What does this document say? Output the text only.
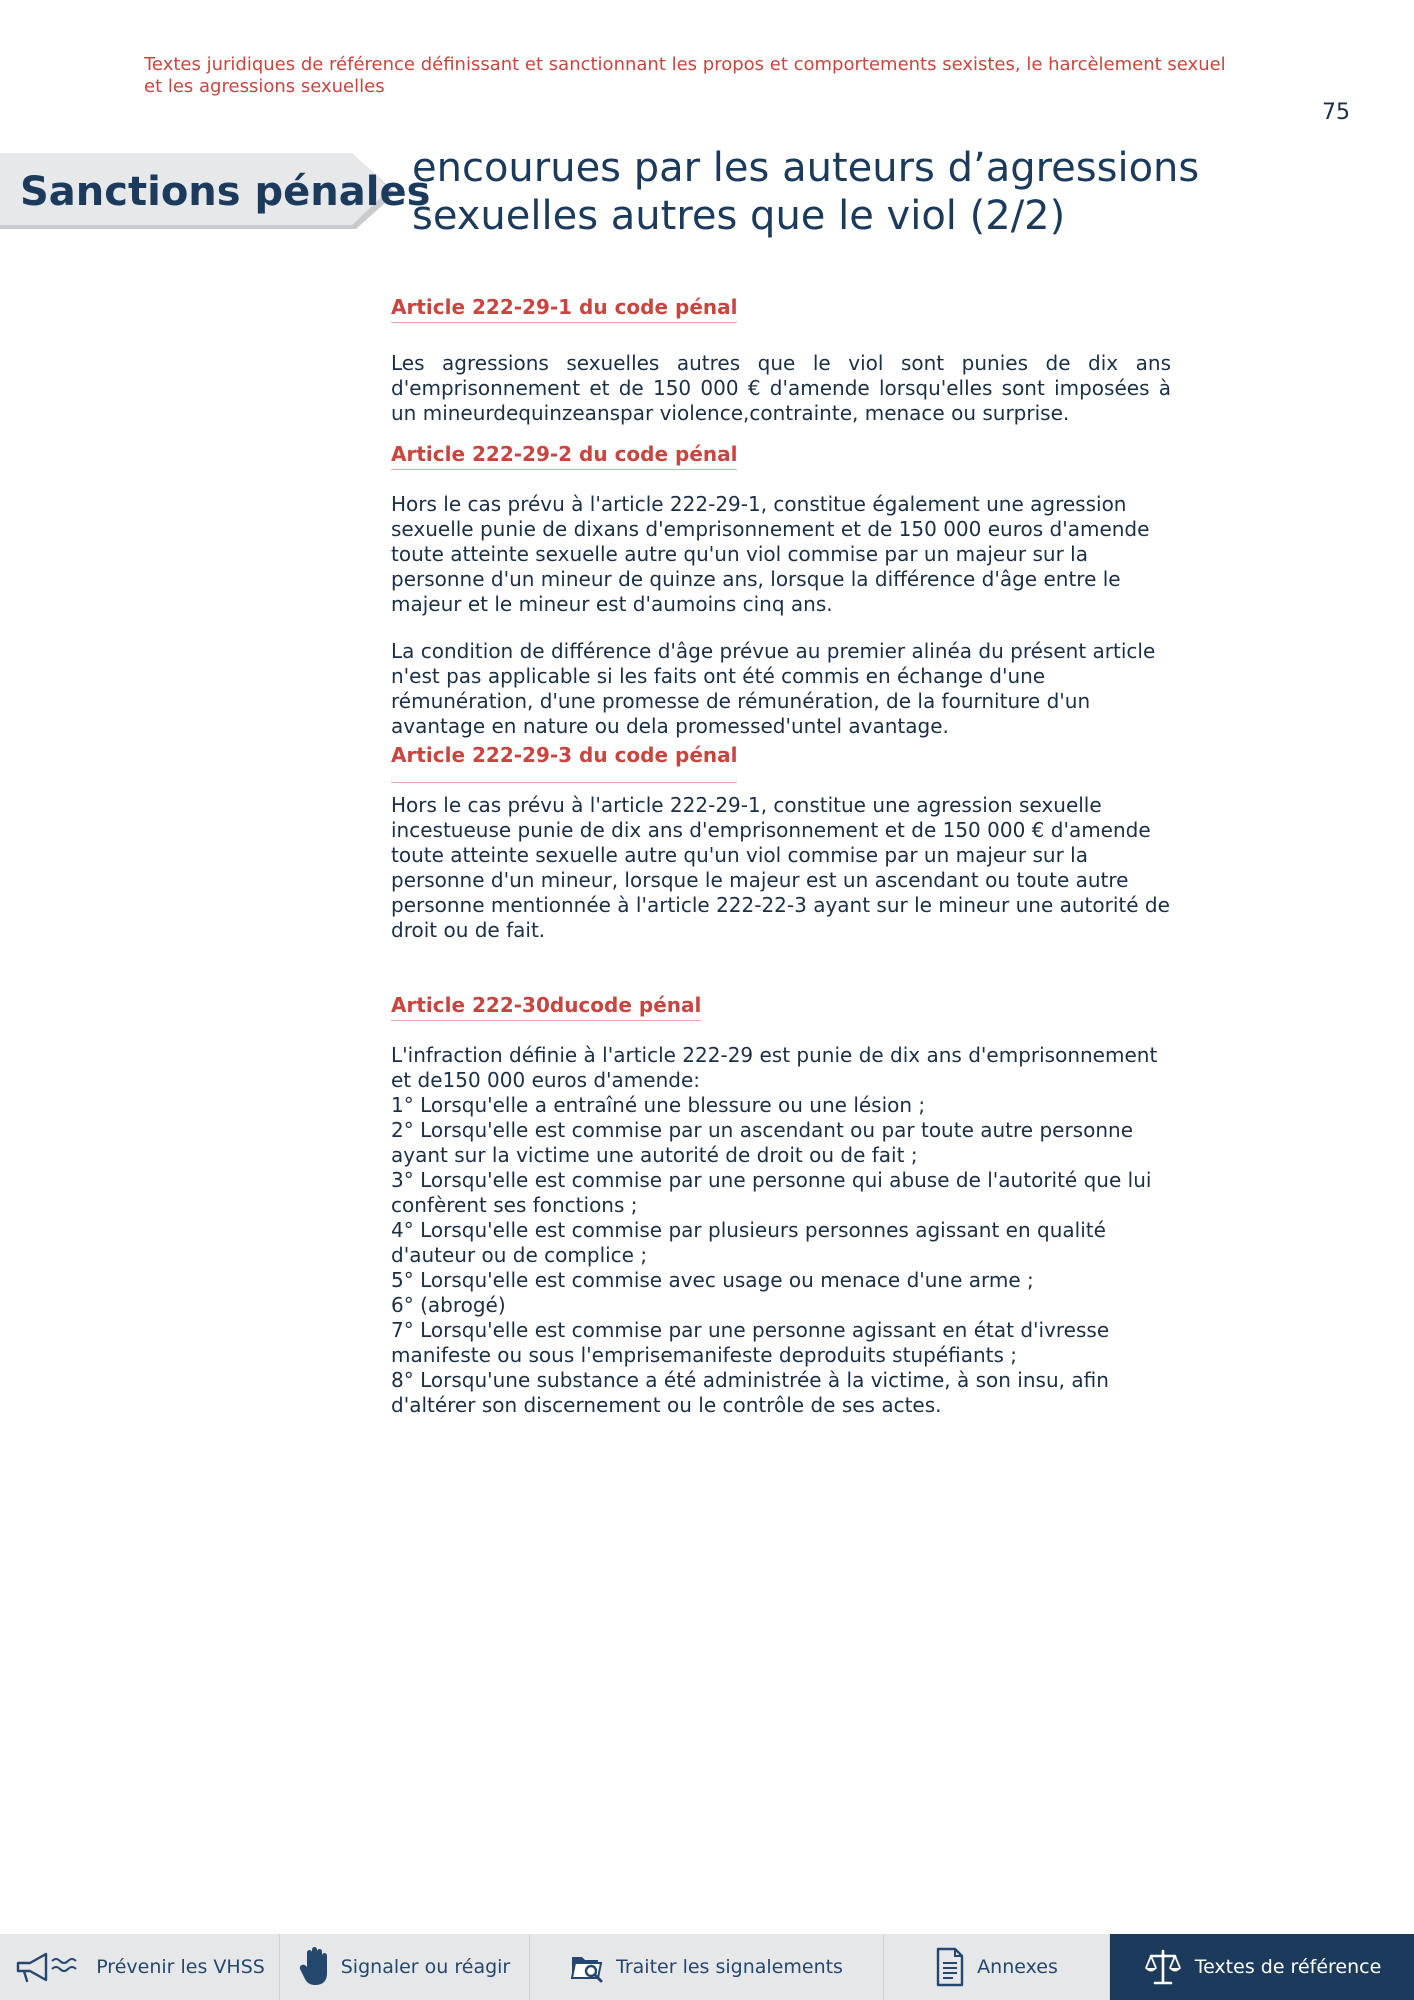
Textes juridiques de référence définissant et sanctionnant les propos et comportements sexistes, le harcèlement sexuel et les agressions sexuelles
75
Sanctions pénales
encourues par les auteurs d’agressions sexuelles autres que le viol (2/2)
Article 222-29-1 du code pénal

Les agressions sexuelles autres que le viol sont punies de dix ans d'emprisonnement et de 150 000 € d'amende lorsqu'elles sont imposées à un mineurdequinzeanspar violence,contrainte, menace ou surprise.

Article 222-29-2 du code pénal

Hors le cas prévu à l'article 222-29-1, constitue également une agression sexuelle punie de dixans d'emprisonnement et de 150 000 euros d'amende toute atteinte sexuelle autre qu'un viol commise par un majeur sur la personne d'un mineur de quinze ans, lorsque la différence d'âge entre le majeur et le mineur est d'aumoins cinq ans.

La condition de différence d'âge prévue au premier alinéa du présent article n'est pas applicable si les faits ont été commis en échange d'une rémunération, d'une promesse de rémunération, de la fourniture d'un avantage en nature ou dela promessed'untel avantage.

Article 222-29-3 du code pénal

Hors le cas prévu à l'article 222-29-1, constitue une agression sexuelle incestueuse punie de dix ans d'emprisonnement et de 150 000 € d'amende toute atteinte sexuelle autre qu'un viol commise par un majeur sur la personne d'un mineur, lorsque le majeur est un ascendant ou toute autre personne mentionnée à l'article 222-22-3 ayant sur le mineur une autorité de droit ou de fait.

Article 222-30ducode pénal

L'infraction définie à l'article 222-29 est punie de dix ans d'emprisonnement et de150 000 euros d'amende:

1° Lorsqu'elle a entraîné une blessure ou une lésion ;
2° Lorsqu'elle est commise par un ascendant ou par toute autre personne ayant sur la victime une autorité de droit ou de fait ;
3° Lorsqu'elle est commise par une personne qui abuse de l'autorité que lui confèrent ses fonctions ;
4° Lorsqu'elle est commise par plusieurs personnes agissant en qualité d'auteur ou de complice ;
5° Lorsqu'elle est commise avec usage ou menace d'une arme ;
6° (abrogé)
7° Lorsqu'elle est commise par une personne agissant en état d'ivresse manifeste ou sous l'emprisemanifeste deproduits stupéfiants ;
8° Lorsqu'une substance a été administrée à la victime, à son insu, afin d'altérer son discernement ou le contrôle de ses actes.
Prévenir les VHSS	Signaler ou réagir	Traiter les signalements	Annexes	Textes de référence
